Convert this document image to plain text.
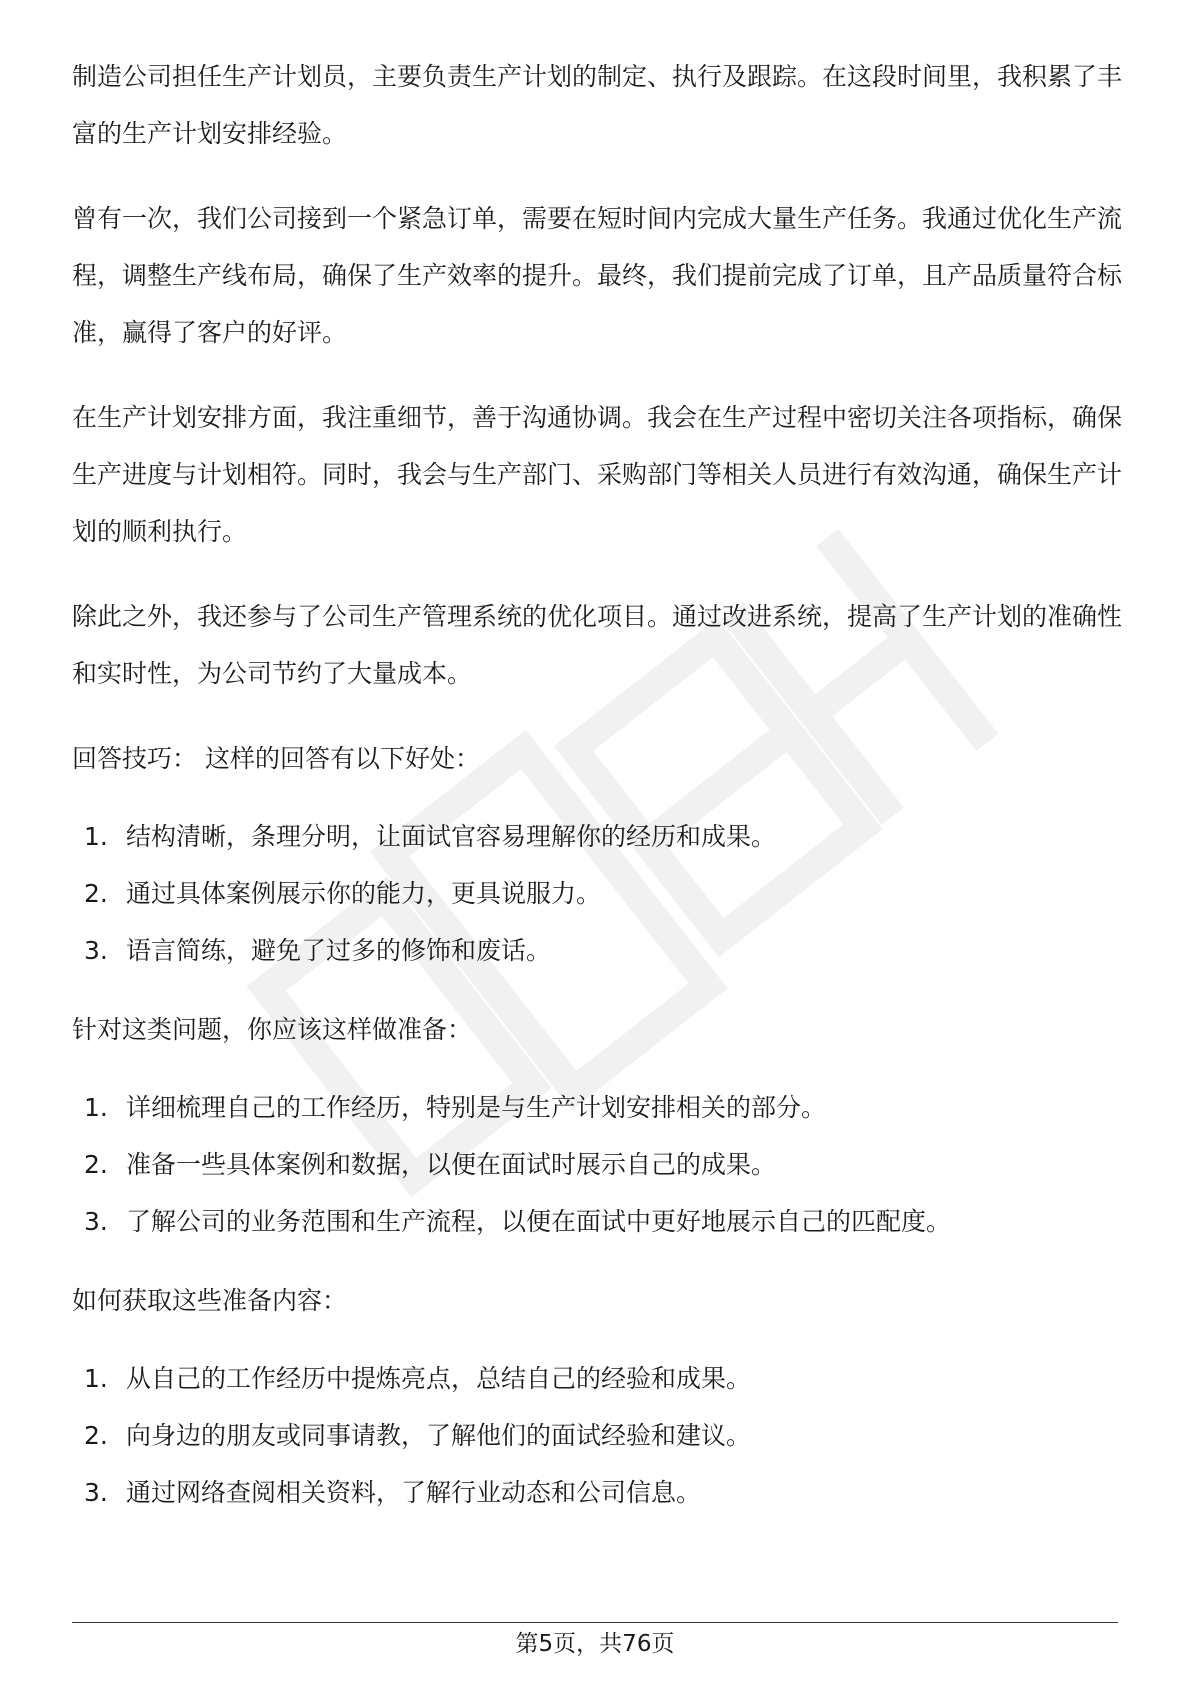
制造公司担任生产计划员，主要负责生产计划的制定、执行及跟踪。在这段时间里，我积累了丰富的生产计划安排经验。

曾有一次，我们公司接到一个紧急订单，需要在短时间内完成大量生产任务。我通过优化生产流程，调整生产线布局，确保了生产效率的提升。最终，我们提前完成了订单，且产品质量符合标准，赢得了客户的好评。

在生产计划安排方面，我注重细节，善于沟通协调。我会在生产过程中密切关注各项指标，确保生产进度与计划相符。同时，我会与生产部门、采购部门等相关人员进行有效沟通，确保生产计划的顺利执行。

除此之外，我还参与了公司生产管理系统的优化项目。通过改进系统，提高了生产计划的准确性和实时性，为公司节约了大量成本。

回答技巧： 这样的回答有以下好处：

1. 结构清晰，条理分明，让面试官容易理解你的经历和成果。
2. 通过具体案例展示你的能力，更具说服力。
3. 语言简练，避免了过多的修饰和废话。

针对这类问题，你应该这样做准备：

1. 详细梳理自己的工作经历，特别是与生产计划安排相关的部分。
2. 准备一些具体案例和数据，以便在面试时展示自己的成果。
3. 了解公司的业务范围和生产流程，以便在面试中更好地展示自己的匹配度。

如何获取这些准备内容：

1. 从自己的工作经历中提炼亮点，总结自己的经验和成果。
2. 向身边的朋友或同事请教，了解他们的面试经验和建议。
3. 通过网络查阅相关资料，了解行业动态和公司信息。
第5页，共76页
